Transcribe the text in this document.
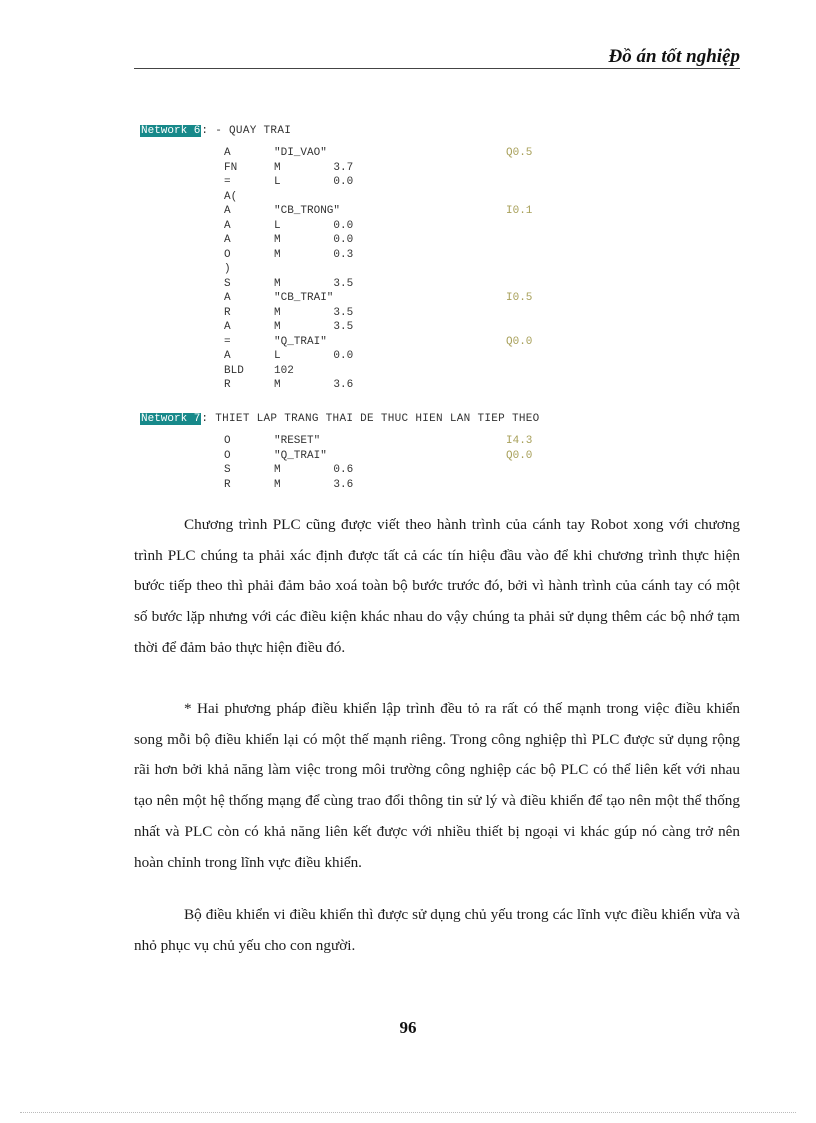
Đồ án tốt nghiệp
Network 6: - QUAY TRAI
A	"DI_VAO"	Q0.5
FN	M        3.7
=	L        0.0
A(
A	"CB_TRONG"	I0.1
A	L        0.0
A	M        0.0
O	M        0.3
)
S	M        3.5
A	"CB_TRAI"	I0.5
R	M        3.5
A	M        3.5
=	"Q_TRAI"	Q0.0
A	L        0.0
BLD	102
R	M        3.6
Network 7: THIET LAP TRANG THAI DE THUC HIEN LAN TIEP THEO
O	"RESET"	I4.3
O	"Q_TRAI"	Q0.0
S	M        0.6
R	M        3.6

Chương trình PLC cũng được viết theo hành trình của cánh tay Robot xong với chương trình PLC chúng ta phải xác định được tất cả các tín hiệu đầu vào để khi chương trình thực hiện bước tiếp theo thì phải đảm bảo xoá toàn bộ bước trước đó, bởi vì hành trình của cánh tay có một số bước lặp nhưng với các điều kiện khác nhau do vậy chúng ta phải sử dụng thêm các bộ nhớ tạm thời để đảm bảo thực hiện điều đó.

* Hai phương pháp điều khiển lập trình đều tỏ ra rất có thế mạnh trong việc điều khiển song mỗi bộ điều khiển lại có một thế mạnh riêng. Trong công nghiệp thì PLC được sử dụng rộng rãi hơn bởi khả năng làm việc trong môi trường công nghiệp các bộ PLC có thể liên kết với nhau tạo nên một hệ thống mạng để cùng trao đổi thông tin sử lý và điều khiển để tạo nên một thể thống nhất và PLC còn có khả năng liên kết được với nhiều thiết bị ngoại vi khác gúp nó càng trở nên hoàn chỉnh trong lĩnh vực điều khiển.

Bộ điều khiển vi điều khiển thì được sử dụng chủ yếu trong các lĩnh vực điều khiển vừa và nhỏ phục vụ chủ yếu cho con người.

96
